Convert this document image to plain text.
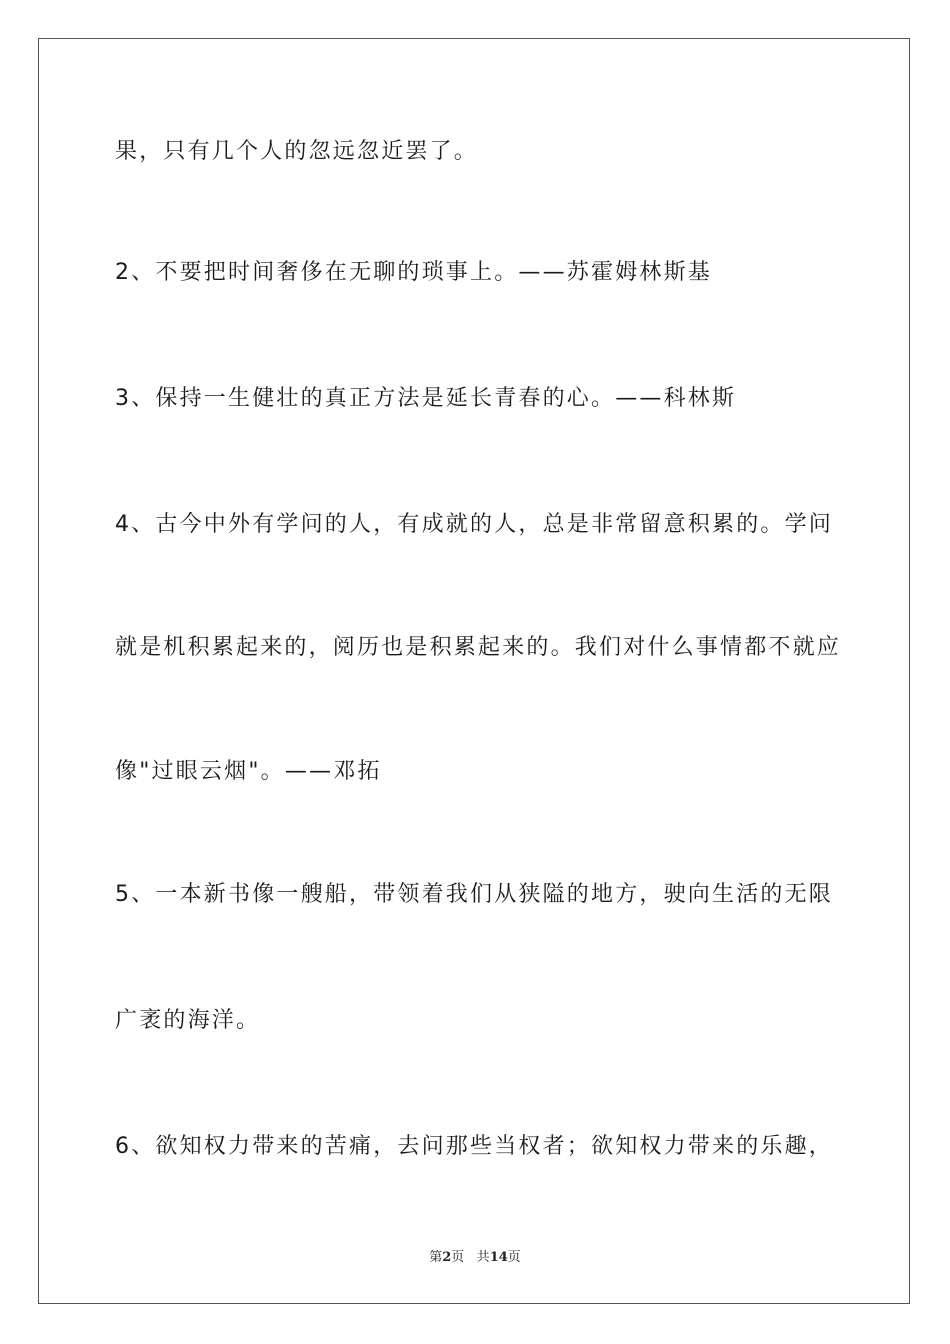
果，只有几个人的忽远忽近罢了。
2、不要把时间奢侈在无聊的琐事上。——苏霍姆林斯基
3、保持一生健壮的真正方法是延长青春的心。——科林斯
4、古今中外有学问的人，有成就的人，总是非常留意积累的。学问
就是机积累起来的，阅历也是积累起来的。我们对什么事情都不就应
像"过眼云烟"。——邓拓
5、一本新书像一艘船，带领着我们从狭隘的地方，驶向生活的无限
广袤的海洋。
6、欲知权力带来的苦痛，去问那些当权者；欲知权力带来的乐趣，
第2页 共14页
